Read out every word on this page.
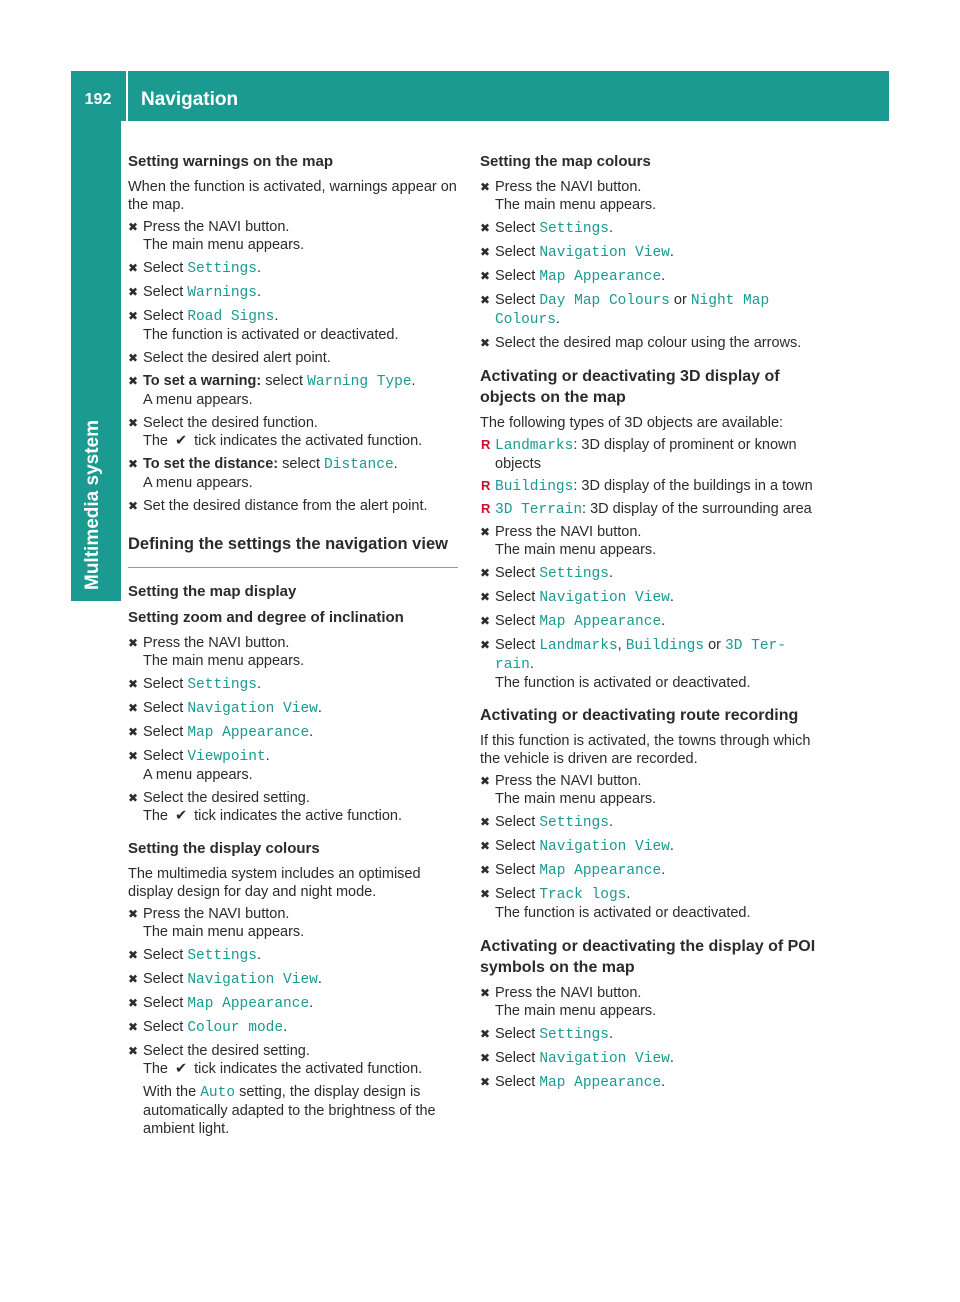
192	Navigation
Multimedia system
Setting warnings on the map

When the function is activated, warnings appear on the map.

✖ Press the NAVI button.
The main menu appears.
✖ Select Settings.
✖ Select Warnings.
✖ Select Road Signs.
The function is activated or deactivated.
✖ Select the desired alert point.
✖ To set a warning: select Warning Type.
A menu appears.
✖ Select the desired function.
The ✔ tick indicates the activated function.
✖ To set the distance: select Distance.
A menu appears.
✖ Set the desired distance from the alert point.
Defining the settings the navigation view
Setting the map display
Setting zoom and degree of inclination
✖ Press the NAVI button.
The main menu appears.
✖ Select Settings.
✖ Select Navigation View.
✖ Select Map Appearance.
✖ Select Viewpoint.
A menu appears.
✖ Select the desired setting.
The ✔ tick indicates the active function.
Setting the display colours

The multimedia system includes an optimised display design for day and night mode.

✖ Press the NAVI button.
The main menu appears.
✖ Select Settings.
✖ Select Navigation View.
✖ Select Map Appearance.
✖ Select Colour mode.
✖ Select the desired setting.
The ✔ tick indicates the activated function.

With the Auto setting, the display design is automatically adapted to the brightness of the ambient light.

Setting the map colours
✖ Press the NAVI button.
The main menu appears.
✖ Select Settings.
✖ Select Navigation View.
✖ Select Map Appearance.
✖ Select Day Map Colours or Night Map Colours.
✖ Select the desired map colour using the arrows.
Activating or deactivating 3D display of objects on the map

The following types of 3D objects are available:

R Landmarks: 3D display of prominent or known objects
R Buildings: 3D display of the buildings in a town
R 3D Terrain: 3D display of the surrounding area
✖ Press the NAVI button.
The main menu appears.
✖ Select Settings.
✖ Select Navigation View.
✖ Select Map Appearance.
✖ Select Landmarks, Buildings or 3D Ter-
rain.
The function is activated or deactivated.
Activating or deactivating route recording

If this function is activated, the towns through which the vehicle is driven are recorded.

✖ Press the NAVI button.
The main menu appears.
✖ Select Settings.
✖ Select Navigation View.
✖ Select Map Appearance.
✖ Select Track logs.
The function is activated or deactivated.
Activating or deactivating the display of POI symbols on the map
✖ Press the NAVI button.
The main menu appears.
✖ Select Settings.
✖ Select Navigation View.
✖ Select Map Appearance.
